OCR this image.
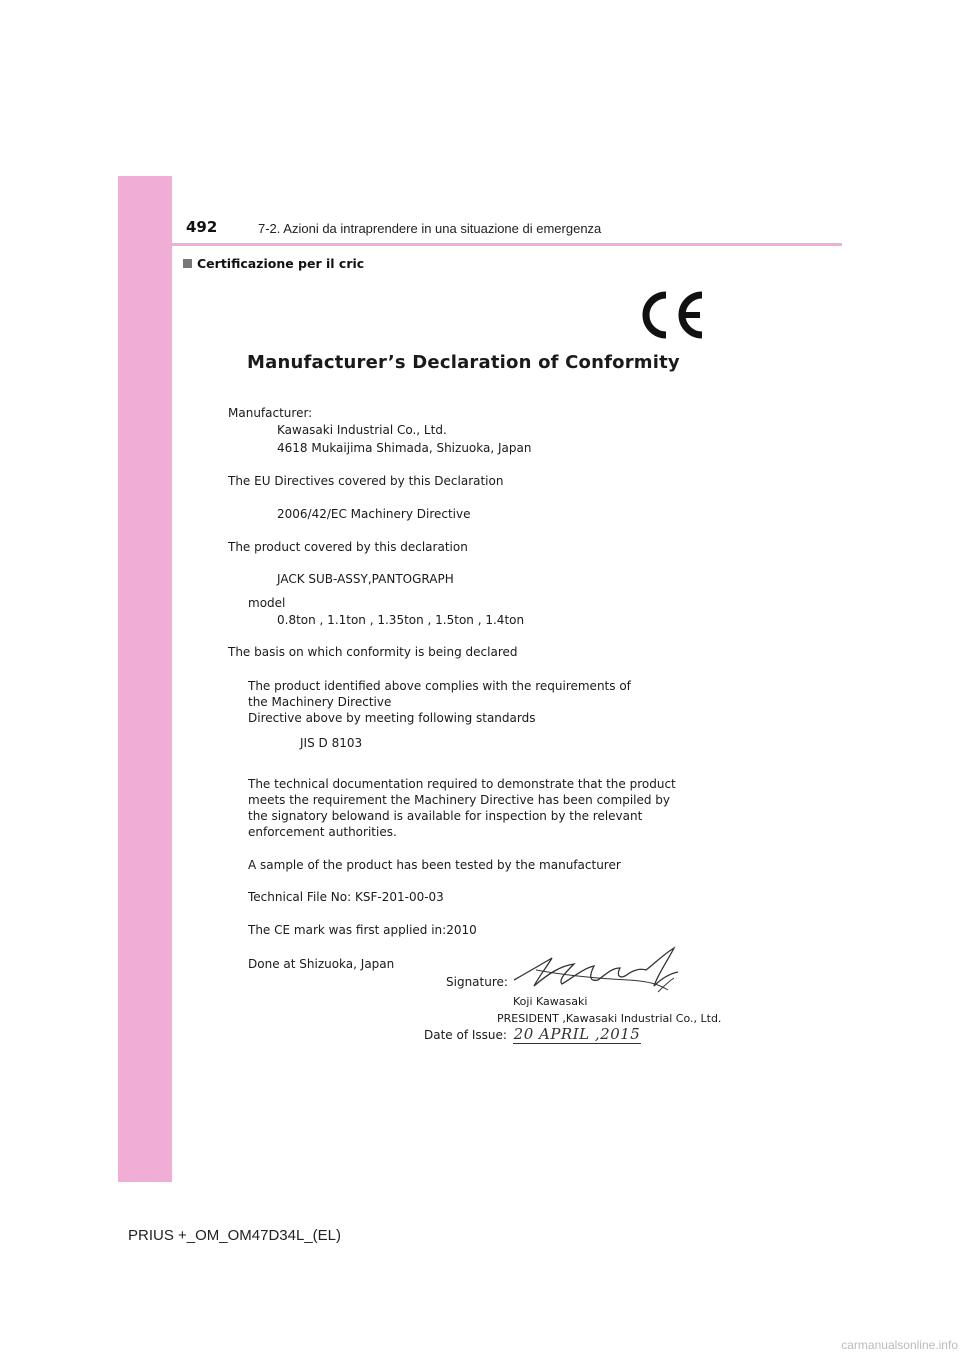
492	7-2. Azioni da intraprendere in una situazione di emergenza
Certificazione per il cric
Manufacturer’s Declaration of Conformity
Manufacturer:
Kawasaki Industrial Co., Ltd.
4618 Mukaijima Shimada, Shizuoka, Japan
The EU Directives covered by this Declaration
2006/42/EC Machinery Directive
The product covered by this declaration
JACK SUB-ASSY,PANTOGRAPH
model
0.8ton , 1.1ton , 1.35ton , 1.5ton , 1.4ton
The basis on which conformity is being declared
The product identified above complies with the requirements of
the Machinery Directive
Directive above by meeting following standards
JIS D 8103
The technical documentation required to demonstrate that the product
meets the requirement the Machinery Directive has been compiled by
the signatory belowand is available for inspection by the relevant
enforcement authorities.
A sample of the product has been tested by the manufacturer
Technical File No: KSF-201-00-03
The CE mark was first applied in:2010
Done at Shizuoka, Japan
Signature:
Koji Kawasaki
PRESIDENT ,Kawasaki Industrial Co., Ltd.
Date of Issue: 20 APRIL ,2015
PRIUS +_OM_OM47D34L_(EL)
carmanualsonline.info
